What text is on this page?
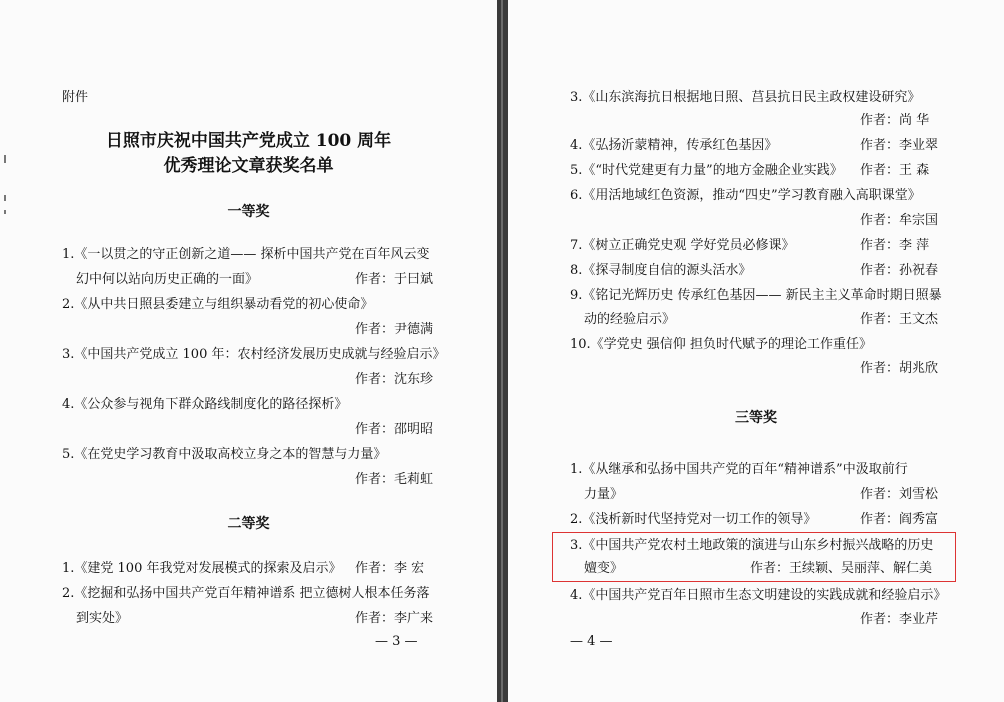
附件
日照市庆祝中国共产党成立 100 周年
优秀理论文章获奖名单
一等奖
1.《一以贯之的守正创新之道—— 探析中国共产党在百年风云变
幻中何以站向历史正确的一面》	作者：于曰斌
2.《从中共日照县委建立与组织暴动看党的初心使命》
作者：尹德满
3.《中国共产党成立 100 年：农村经济发展历史成就与经验启示》
作者：沈东珍
4.《公众参与视角下群众路线制度化的路径探析》
作者：邵明昭
5.《在党史学习教育中汲取高校立身之本的智慧与力量》
作者：毛莉虹
二等奖
1.《建党 100 年我党对发展模式的探索及启示》 作者：李 宏
2.《挖掘和弘扬中国共产党百年精神谱系 把立德树人根本任务落
到实处》	作者：李广来
— 3 —
3.《山东滨海抗日根据地日照、莒县抗日民主政权建设研究》
作者：尚 华
4.《弘扬沂蒙精神，传承红色基因》	作者：李业翠
5.《“时代党建更有力量”的地方金融企业实践》 作者：王 森
6.《用活地域红色资源，推动“四史”学习教育融入高职课堂》
作者：牟宗国
7.《树立正确党史观 学好党员必修课》	作者：李 萍
8.《探寻制度自信的源头活水》	作者：孙祝春
9.《铭记光辉历史 传承红色基因—— 新民主主义革命时期日照暴
动的经验启示》	作者：王文杰
10.《学党史 强信仰 担负时代赋予的理论工作重任》
作者：胡兆欣
三等奖
1.《从继承和弘扬中国共产党的百年“精神谱系”中汲取前行
力量》	作者：刘雪松
2.《浅析新时代坚持党对一切工作的领导》	作者：阎秀富
3.《中国共产党农村土地政策的演进与山东乡村振兴战略的历史
嬗变》	作者：王续颖、吴丽萍、解仁美
4.《中国共产党百年日照市生态文明建设的实践成就和经验启示》
作者：李业芹
— 4 —
